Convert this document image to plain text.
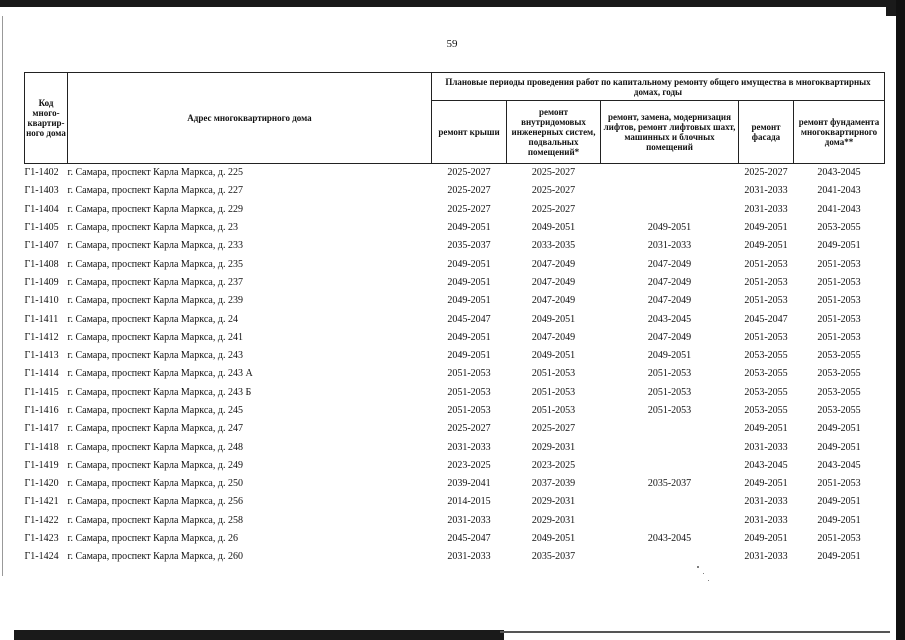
59
Код много-квартир-ного дома	Адрес многоквартирного дома	Плановые периоды проведения работ по капитальному ремонту общего имущества в многоквартирных домах, годы				
		ремонт крыши	ремонт внутридомовых инженерных систем, подвальных помещений*	ремонт, замена, модернизация лифтов, ремонт лифтовых шахт, машинных и блочных помещений	ремонт фасада	ремонт фундамента многоквартирного дома**
Г1-1402	г. Самара, проспект Карла Маркса, д. 225	2025-2027	2025-2027		2025-2027	2043-2045
Г1-1403	г. Самара, проспект Карла Маркса, д. 227	2025-2027	2025-2027		2031-2033	2041-2043
Г1-1404	г. Самара, проспект Карла Маркса, д. 229	2025-2027	2025-2027		2031-2033	2041-2043
Г1-1405	г. Самара, проспект Карла Маркса, д. 23	2049-2051	2049-2051	2049-2051	2049-2051	2053-2055
Г1-1407	г. Самара, проспект Карла Маркса, д. 233	2035-2037	2033-2035	2031-2033	2049-2051	2049-2051
Г1-1408	г. Самара, проспект Карла Маркса, д. 235	2049-2051	2047-2049	2047-2049	2051-2053	2051-2053
Г1-1409	г. Самара, проспект Карла Маркса, д. 237	2049-2051	2047-2049	2047-2049	2051-2053	2051-2053
Г1-1410	г. Самара, проспект Карла Маркса, д. 239	2049-2051	2047-2049	2047-2049	2051-2053	2051-2053
Г1-1411	г. Самара, проспект Карла Маркса, д. 24	2045-2047	2049-2051	2043-2045	2045-2047	2051-2053
Г1-1412	г. Самара, проспект Карла Маркса, д. 241	2049-2051	2047-2049	2047-2049	2051-2053	2051-2053
Г1-1413	г. Самара, проспект Карла Маркса, д. 243	2049-2051	2049-2051	2049-2051	2053-2055	2053-2055
Г1-1414	г. Самара, проспект Карла Маркса, д. 243 А	2051-2053	2051-2053	2051-2053	2053-2055	2053-2055
Г1-1415	г. Самара, проспект Карла Маркса, д. 243 Б	2051-2053	2051-2053	2051-2053	2053-2055	2053-2055
Г1-1416	г. Самара, проспект Карла Маркса, д. 245	2051-2053	2051-2053	2051-2053	2053-2055	2053-2055
Г1-1417	г. Самара, проспект Карла Маркса, д. 247	2025-2027	2025-2027		2049-2051	2049-2051
Г1-1418	г. Самара, проспект Карла Маркса, д. 248	2031-2033	2029-2031		2031-2033	2049-2051
Г1-1419	г. Самара, проспект Карла Маркса, д. 249	2023-2025	2023-2025		2043-2045	2043-2045
Г1-1420	г. Самара, проспект Карла Маркса, д. 250	2039-2041	2037-2039	2035-2037	2049-2051	2051-2053
Г1-1421	г. Самара, проспект Карла Маркса, д. 256	2014-2015	2029-2031		2031-2033	2049-2051
Г1-1422	г. Самара, проспект Карла Маркса, д. 258	2031-2033	2029-2031		2031-2033	2049-2051
Г1-1423	г. Самара, проспект Карла Маркса, д. 26	2045-2047	2049-2051	2043-2045	2049-2051	2051-2053
Г1-1424	г. Самара, проспект Карла Маркса, д. 260	2031-2033	2035-2037		2031-2033	2049-2051
